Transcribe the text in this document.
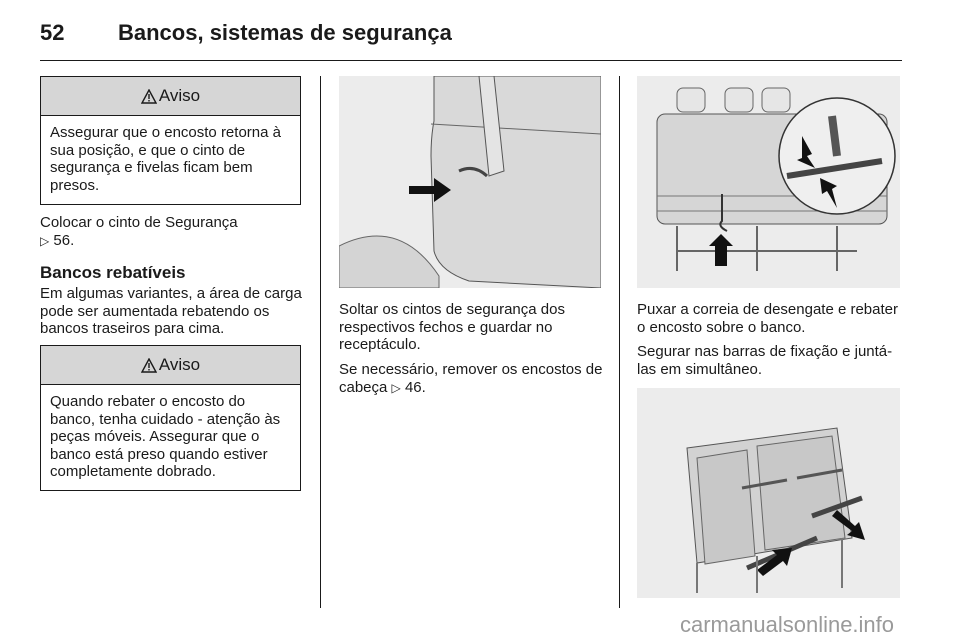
52 Bancos, sistemas de segurança
Aviso
Assegurar que o encosto retorna à sua posição, e que o cinto de segurança e fivelas ficam bem presos.
Colocar o cinto de Segurança
▷ 56.
Bancos rebatíveis
Em algumas variantes, a área de carga pode ser aumentada rebatendo os bancos traseiros para cima.
Aviso
Quando rebater o encosto do banco, tenha cuidado - atenção às peças móveis. Assegurar que o banco está preso quando estiver completamente dobrado.
Soltar os cintos de segurança dos respectivos fechos e guardar no receptáculo.
Se necessário, remover os encostos de cabeça ▷ 46.
Puxar a correia de desengate e rebater o encosto sobre o banco.
Segurar nas barras de fixação e juntá-las em simultâneo.
carmanualsonline.info
